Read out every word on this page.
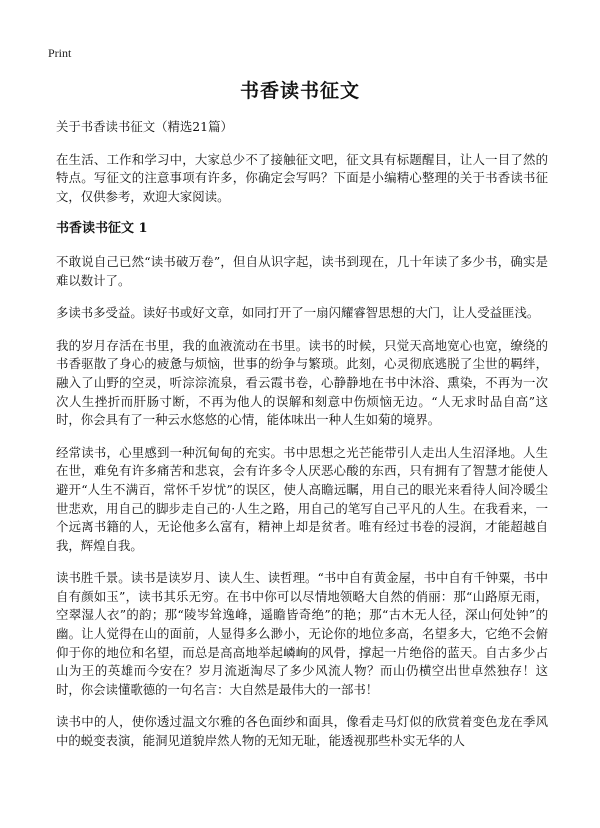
Print
书香读书征文

关于书香读书征文（精选21篇）

在生活、工作和学习中，大家总少不了接触征文吧，征文具有标题醒目，让人一目了然的特点。写征文的注意事项有许多，你确定会写吗？下面是小编精心整理的关于书香读书征文，仅供参考，欢迎大家阅读。

书香读书征文 1

不敢说自己已然“读书破万卷”，但自从识字起，读书到现在，几十年读了多少书，确实是难以数计了。

多读书多受益。读好书或好文章，如同打开了一扇闪耀睿智思想的大门，让人受益匪浅。

我的岁月存活在书里，我的血液流动在书里。读书的时候，只觉天高地宽心也宽，缭绕的书香驱散了身心的疲惫与烦恼，世事的纷争与繁琐。此刻，心灵彻底逃脱了尘世的羁绊，融入了山野的空灵，听淙淙流泉，看云霞书卷，心静静地在书中沐浴、熏染，不再为一次次人生挫折而肝肠寸断，不再为他人的误解和刻意中伤烦恼无边。“人无求时品自高”这时，你会具有了一种云水悠悠的心情，能体味出一种人生如菊的境界。

经常读书，心里感到一种沉甸甸的充实。书中思想之光芒能带引人走出人生沼泽地。人生在世，难免有许多痛苦和悲哀，会有许多令人厌恶心酸的东西，只有拥有了智慧才能使人避开“人生不满百，常怀千岁忧”的误区，使人高瞻远瞩，用自己的眼光来看待人间冷暖尘世悲欢，用自己的脚步走自己的·人生之路，用自己的笔写自己平凡的人生。在我看来，一个远离书籍的人，无论他多么富有，精神上却是贫者。唯有经过书卷的浸润，才能超越自我，辉煌自我。

读书胜千景。读书是读岁月、读人生、读哲理。“书中自有黄金屋，书中自有千钟粟，书中自有颜如玉”，读书其乐无穷。在书中你可以尽情地领略大自然的俏丽：那“山路原无雨，空翠湿人衣”的韵；那“陵岑耸逸峰，遥瞻皆奇绝”的艳；那“古木无人径，深山何处钟”的幽。让人觉得在山的面前，人显得多么渺小，无论你的地位多高，名望多大，它绝不会俯仰于你的地位和名望，而总是高高地举起嶙峋的风骨，撑起一片绝俗的蓝天。自古多少占山为王的英雄而今安在？岁月流逝淘尽了多少风流人物？而山仍横空出世卓然独存！这时，你会读懂歌德的一句名言：大自然是最伟大的一部书！

读书中的人，使你透过温文尔雅的各色面纱和面具，像看走马灯似的欣赏着变色龙在季风中的蜕变表演，能洞见道貌岸然人物的无知无耻，能透视那些朴实无华的人
